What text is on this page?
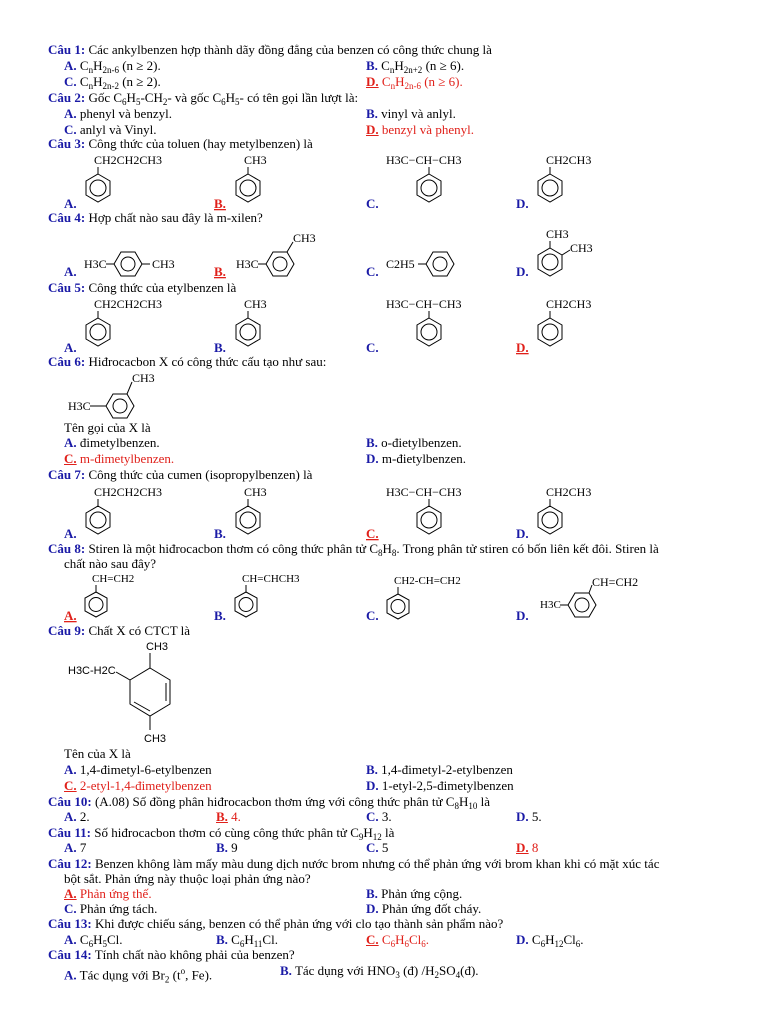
Câu 1: Các ankylbenzen hợp thành dãy đồng đẳng của benzen có công thức chung là
A. $C_nH_{2n-6}$ (n ≥ 2).	B. $C_nH_{2n+2}$ (n ≥ 6).
C. $C_nH_{2n-2}$ (n ≥ 2).	D. $C_nH_{2n-6}$ (n ≥ 6).
Câu 2: Gốc $C_6H_5-CH_2-$ và gốc $C_6H_5-$ có tên gọi lần lượt là:
A. phenyl và benzyl.	B. vinyl và anlyl.
C. anlyl và Vinyl.	D. benzyl và phenyl.
Câu 3: Công thức của toluen (hay metylbenzen) là
CH2CH2CH3
A.
CH3
B.
H3C−CH−CH3
C.
CH2CH3
D.
Câu 4: Hợp chất nào sau đây là m-xilen?
H3C	CH3
A.	H3C
CH3
B.	C2H5
C.
CH3
CH3
D.
Câu 5: Công thức của etylbenzen là
CH2CH2CH3
A.
CH3
B.
H3C−CH−CH3
C.
CH2CH3
D.
Câu 6: Hiđrocacbon X có công thức cấu tạo như sau:
H3C
CH3
Tên gọi của X là
A. đimetylbenzen.	B. o-đietylbenzen.
C. m-đimetylbenzen.	D. m-đietylbenzen.
Câu 7: Công thức của cumen (isopropylbenzen) là
CH2CH2CH3
A.
CH3
B.
H3C−CH−CH3
C.
CH2CH3
D.
Câu 8: Stiren là một hiđrocacbon thơm có công thức phân tử $C_8H_8$. Trong phân tử stiren có bốn liên kết đôi. Stiren là
chất nào sau đây?
CH=CH2
A.
CH=CHCH3
B.
CH2-CH=CH2
C.
H3C
CH=CH2
D.
Câu 9: Chất X có CTCT là
CH3
H3C-H2C
CH3
Tên của X là
A. 1,4-đimetyl-6-etylbenzen	B. 1,4-đimetyl-2-etylbenzen
C. 2-etyl-1,4-đimetylbenzen	D. 1-etyl-2,5-đimetylbenzen
Câu 10: (A.08) Số đồng phân hiđrocacbon thơm ứng với công thức phân tử $C_8H_{10}$ là
A. 2.	B. 4.	C. 3.	D. 5.
Câu 11: Số hiđrocacbon thơm có cùng công thức phân tử $C_9H_{12}$ là
A. 7	B. 9	C. 5	D. 8
Câu 12: Benzen không làm mấy màu dung dịch nước brom nhưng có thể phản ứng với brom khan khi có mặt xúc tác
bột sắt. Phản ứng này thuộc loại phản ứng nào?
A. Phản ứng thế.	B. Phản ứng cộng.
C. Phản ứng tách.	D. Phản ứng đốt cháy.
Câu 13: Khi được chiếu sáng, benzen có thể phản ứng với clo tạo thành sản phẩm nào?
A. $C_6H_5Cl$.	B. $C_6H_{11}Cl$.	C. $C_6H_6Cl_6$.	D. $C_6H_{12}Cl_6$.
Câu 14: Tính chất nào không phải của benzen?
A. Tác dụng với $Br_2$ ($t^o$, Fe).	B. Tác dụng với $HNO_3$ (đ) $/H_2SO_4(đ)$.
